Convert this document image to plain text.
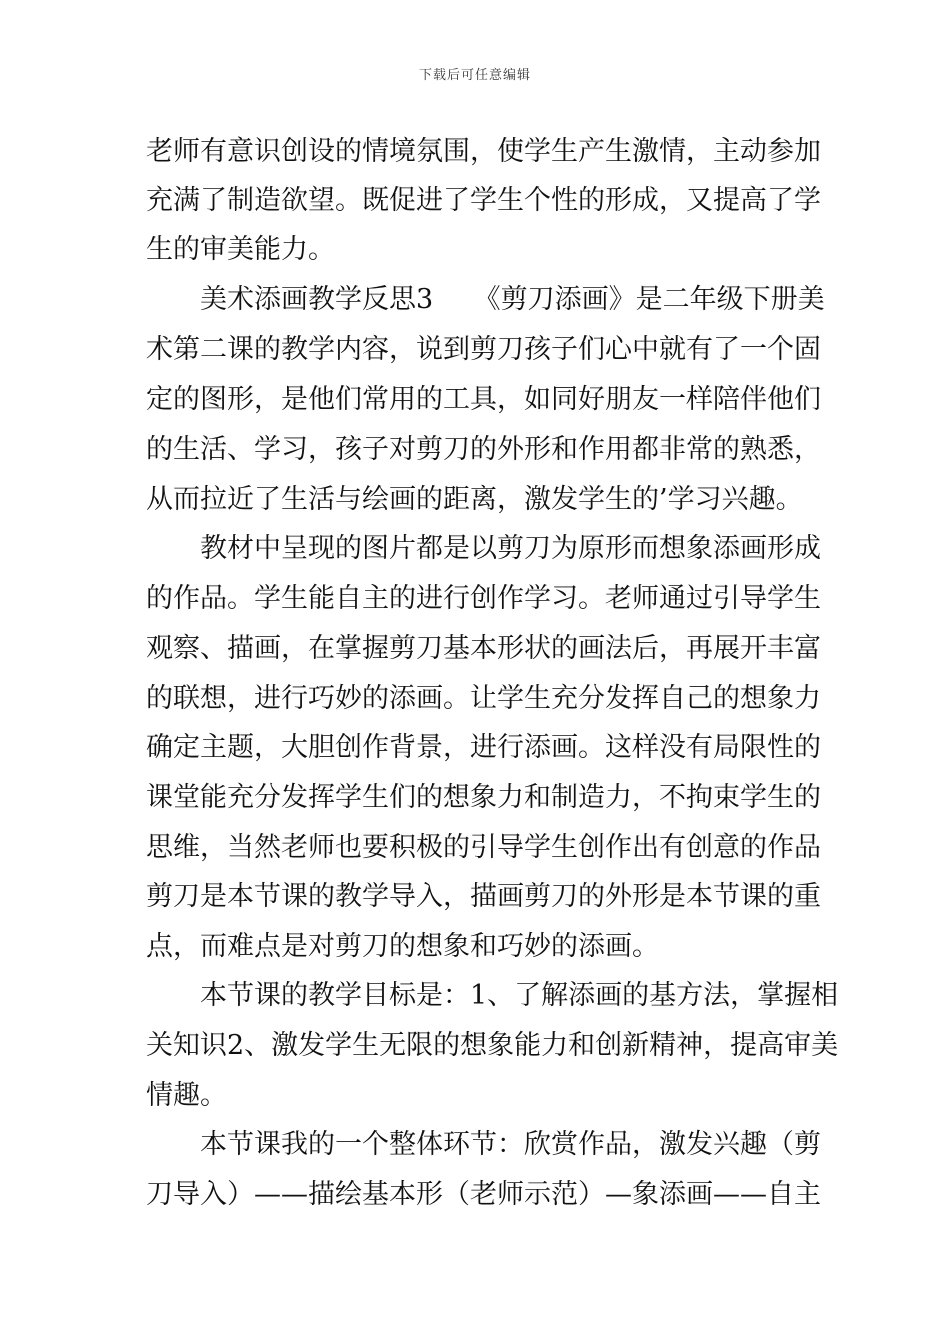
下载后可任意编辑
老师有意识创设的情境氛围，使学生产生激情，主动参加
充满了制造欲望。既促进了学生个性的形成，又提高了学
生的审美能力。
美术添画教学反思3　　《剪刀添画》是二年级下册美
术第二课的教学内容，说到剪刀孩子们心中就有了一个固
定的图形，是他们常用的工具，如同好朋友一样陪伴他们
的生活、学习，孩子对剪刀的外形和作用都非常的熟悉，
从而拉近了生活与绘画的距离，激发学生的’学习兴趣。
教材中呈现的图片都是以剪刀为原形而想象添画形成
的作品。学生能自主的进行创作学习。老师通过引导学生
观察、描画，在掌握剪刀基本形状的画法后，再展开丰富
的联想，进行巧妙的添画。让学生充分发挥自己的想象力
确定主题，大胆创作背景，进行添画。这样没有局限性的
课堂能充分发挥学生们的想象力和制造力，不拘束学生的
思维，当然老师也要积极的引导学生创作出有创意的作品
剪刀是本节课的教学导入，描画剪刀的外形是本节课的重
点，而难点是对剪刀的想象和巧妙的添画。
本节课的教学目标是：1、了解添画的基方法，掌握相
关知识2、激发学生无限的想象能力和创新精神，提高审美
情趣。
本节课我的一个整体环节：欣赏作品，激发兴趣（剪
刀导入）——描绘基本形（老师示范）—象添画——自主
